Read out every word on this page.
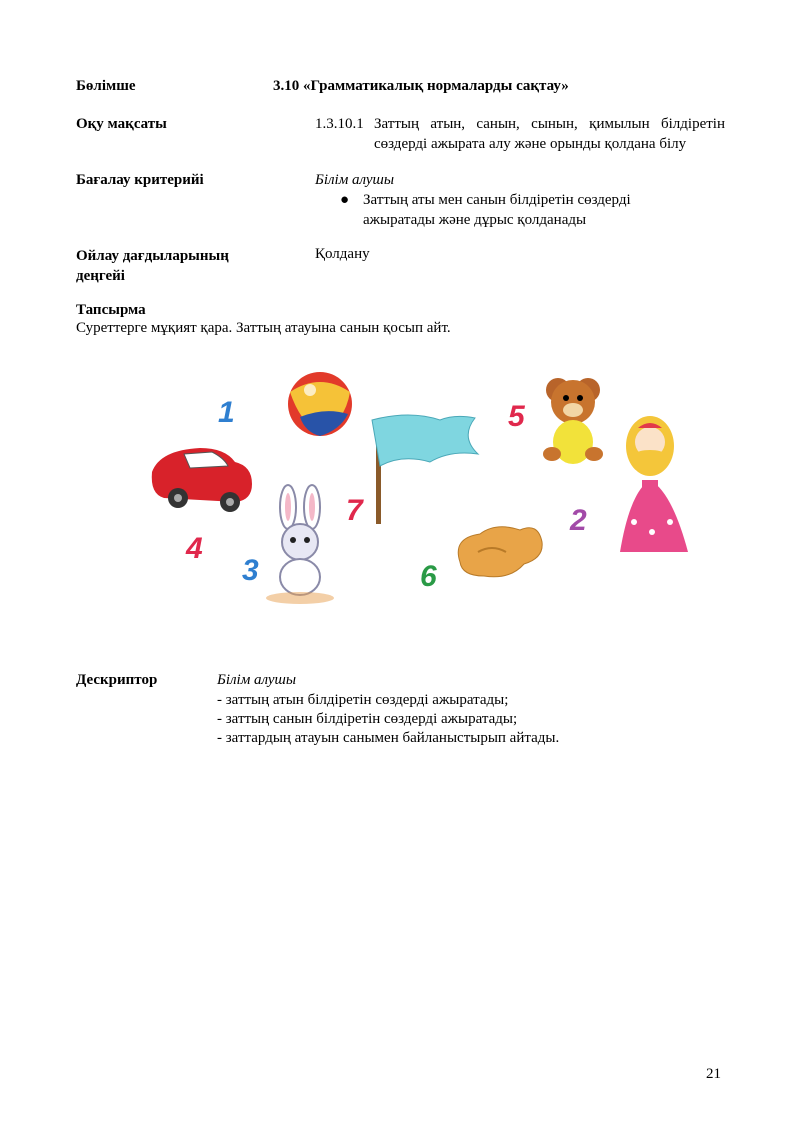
Бөлімше	3.10 «Грамматикалық нормаларды сақтау»
Оқу мақсаты	1.3.10.1 Заттың атын, санын, сынын, қимылын білдіретін
сөздерді ажырата алу және орынды қолдана білу
Бағалау критерийі	Білім алушы
● Заттың аты мен санын білдіретін сөздерді
ажыратады және дұрыс қолданады
Ойлау дағдыларының
деңгейі
Қолдану
Тапсырма
Суреттерге мұқият қара. Заттың атауына санын қосып айт.
1	5
7	2
4
3	6
Дескриптор	Білім алушы
- заттың атын білдіретін сөздерді ажыратады;
- заттың санын білдіретін сөздерді ажыратады;
- заттардың атауын санымен байланыстырып айтады.
21
